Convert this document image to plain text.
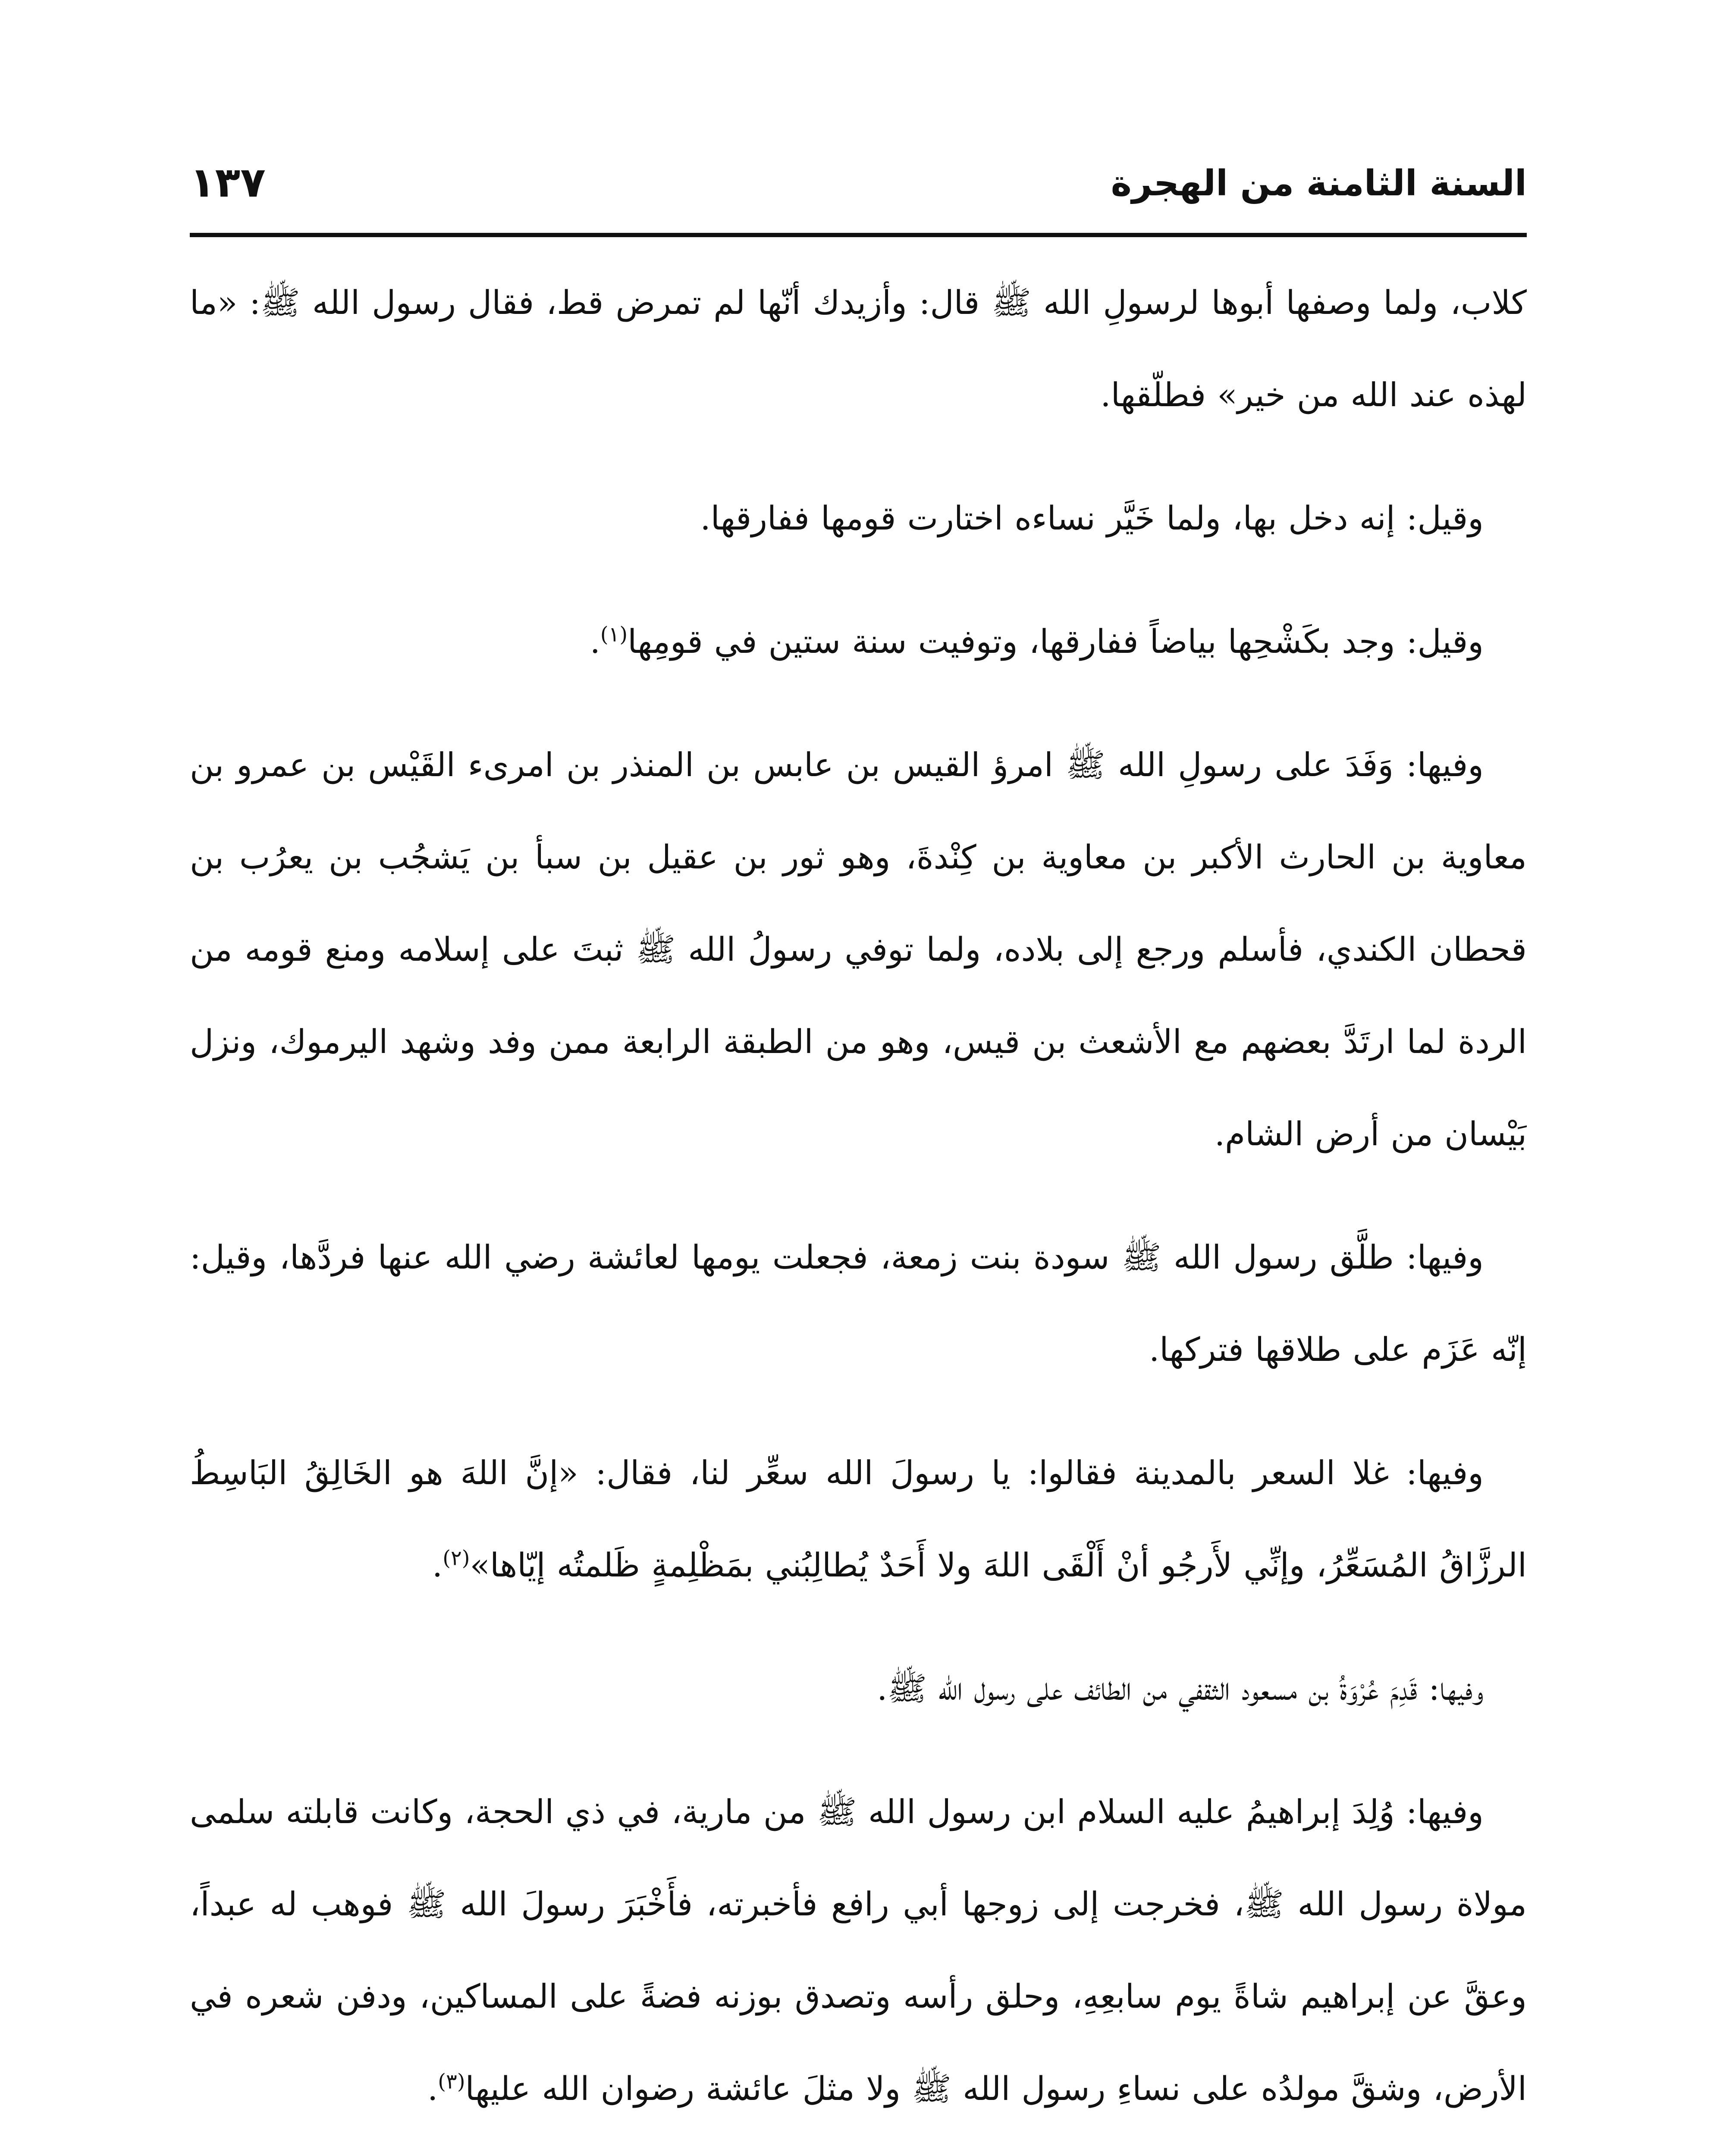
السنة الثامنة من الهجرة
١٣٧

كلاب، ولما وصفها أبوها لرسولِ الله ﷺ قال: وأزيدك أنّها لم تمرض قط، فقال رسول الله ﷺ: «ما لهذه عند الله من خير» فطلّقها.

وقيل: إنه دخل بها، ولما خَيَّر نساءه اختارت قومها ففارقها.

وقيل: وجد بكَشْحِها بياضاً ففارقها، وتوفيت سنة ستين في قومِها$^{(١)}$.

وفيها: وَفَدَ على رسولِ الله ﷺ امرؤ القيس بن عابس بن المنذر بن امرىء القَيْس بن عمرو بن معاوية بن الحارث الأكبر بن معاوية بن كِنْدةَ، وهو ثور بن عقيل بن سبأ بن يَشجُب بن يعرُب بن قحطان الكندي، فأسلم ورجع إلى بلاده، ولما توفي رسولُ الله ﷺ ثبتَ على إسلامه ومنع قومه من الردة لما ارتَدَّ بعضهم مع الأشعث بن قيس، وهو من الطبقة الرابعة ممن وفد وشهد اليرموك، ونزل بَيْسان من أرض الشام.

وفيها: طلَّق رسول الله ﷺ سودة بنت زمعة، فجعلت يومها لعائشة رضي الله عنها فردَّها، وقيل: إنّه عَزَم على طلاقها فتركها.

وفيها: غلا السعر بالمدينة فقالوا: يا رسولَ الله سعِّر لنا، فقال: «إنَّ اللهَ هو الخَالِقُ البَاسِطُ الرزَّاقُ المُسَعِّرُ، وإنِّي لأَرجُو أنْ أَلْقَى اللهَ ولا أَحَدٌ يُطالِبُني بمَظْلِمةٍ ظَلمتُه إيّاها»$^{(٢)}$.

وفيها: قَدِمَ عُرْوَةُ بن مسعود الثقفي من الطائف على رسول الله ﷺ.

وفيها: وُلِدَ إبراهيمُ عليه السلام ابن رسول الله ﷺ من مارية، في ذي الحجة، وكانت قابلته سلمى مولاة رسول الله ﷺ، فخرجت إلى زوجها أبي رافع فأخبرته، فأَخْبَرَ رسولَ الله ﷺ فوهب له عبداً، وعقَّ عن إبراهيم شاةً يوم سابعِهِ، وحلق رأسه وتصدق بوزنه فضةً على المساكين، ودفن شعره في الأرض، وشقَّ مولدُه على نساءِ رسول الله ﷺ ولا مثلَ عائشة رضوان الله عليها$^{(٣)}$.
